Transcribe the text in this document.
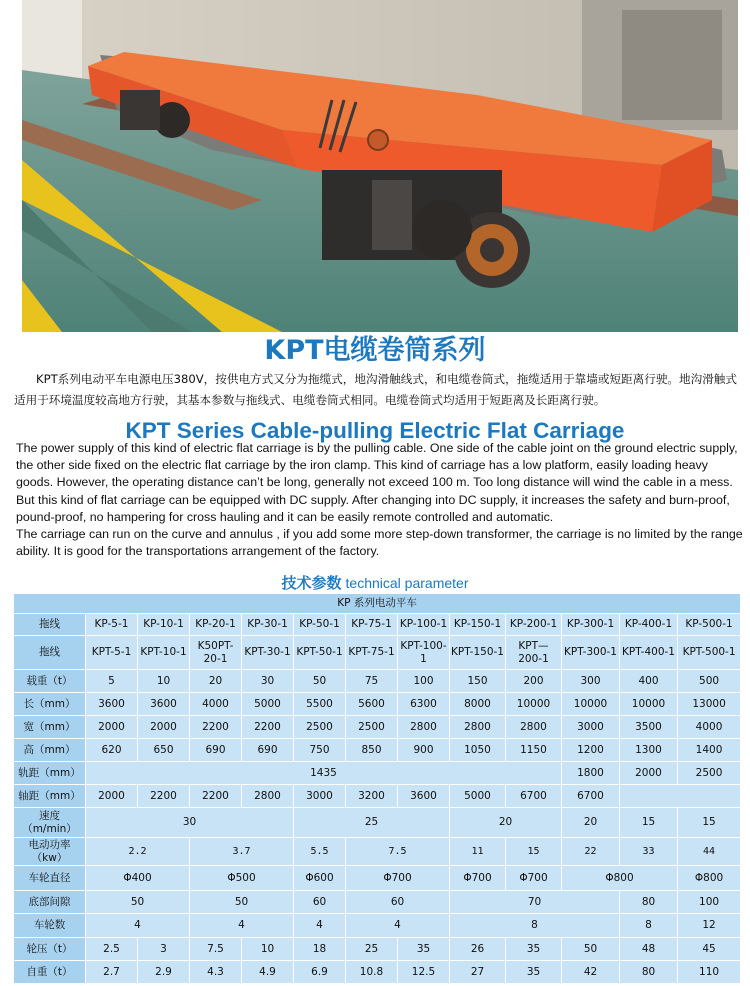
KPT电缆卷筒系列

KPT系列电动平车电源电压380V，按供电方式又分为拖缆式，地沟滑触线式，和电缆卷筒式，拖缆适用于靠墙或短距离行驶。地沟滑触式适用于环境温度较高地方行驶，其基本参数与拖线式、电缆卷筒式相同。电缆卷筒式均适用于短距离及长距离行驶。

KPT Series Cable-pulling Electric Flat Carriage

The power supply of this kind of electric flat carriage is by the pulling cable. One side of the cable joint on the ground electric supply, the other side fixed on the electric flat carriage by the iron clamp. This kind of carriage has a low platform, easily loading heavy goods. However, the operating distance can’t be long, generally not exceed 100 m. Too long distance will wind the cable in a mess. But this kind of flat carriage can be equipped with DC supply. After changing into DC supply, it increases the safety and burn-proof, pound-proof, no hampering for cross hauling and it can be easily remote controlled and automatic.

The carriage can run on the curve and annulus , if you add some more step-down transformer, the carriage is no limited by the range ability. It is good for the transportations arrangement of the factory.

技术参数 technical parameter
KP 系列电动平车													
拖线	KP-5-1	KP-10-1	KP-20-1	KP-30-1	KP-50-1	KP-75-1	KP-100-1	KP-150-1	KP-200-1	KP-300-1	KP-400-1	KP-500-1	
拖线	KPT-5-1	KPT-10-1	K50PT-20-1	KPT-30-1	KPT-50-1	KPT-75-1	KPT-100-1	KPT-150-1	KPT—200-1	KPT-300-1	KPT-400-1	KPT-500-1	
载重（t）	5	10	20	30	50	75	100	150	200	300	400	500	
长（mm）	3600	3600	4000	5000	5500	5600	6300	8000	10000	10000	10000	13000	
宽（mm）	2000	2000	2200	2200	2500	2500	2800	2800	2800	3000	3500	4000	
高（mm）	620	650	690	690	750	850	900	1050	1150	1200	1300	1400	
轨距（mm）	1435									1800	2000	2500	
轴距（mm）	2000	2200	2200	2800	3000	3200	3600	5000	6700	6700			
速度（m/min）	30				25			20		20	15	15	
电动功率（kw）	2.2		3.7		5.5	7.5		11	15	22	33	44	
车轮直径	Φ400		Φ500		Φ600	Φ700		Φ700	Φ700	Φ800		Φ800	
底部间隙	50		50		60	60		70			80	100	
车轮数	4		4		4	4		8			8	12	
轮压（t）	2.5	3	7.5	10	18	25	35	26	35	50	48	45	
自重（t）	2.7	2.9	4.3	4.9	6.9	10.8	12.5	27	35	42	80	110	
